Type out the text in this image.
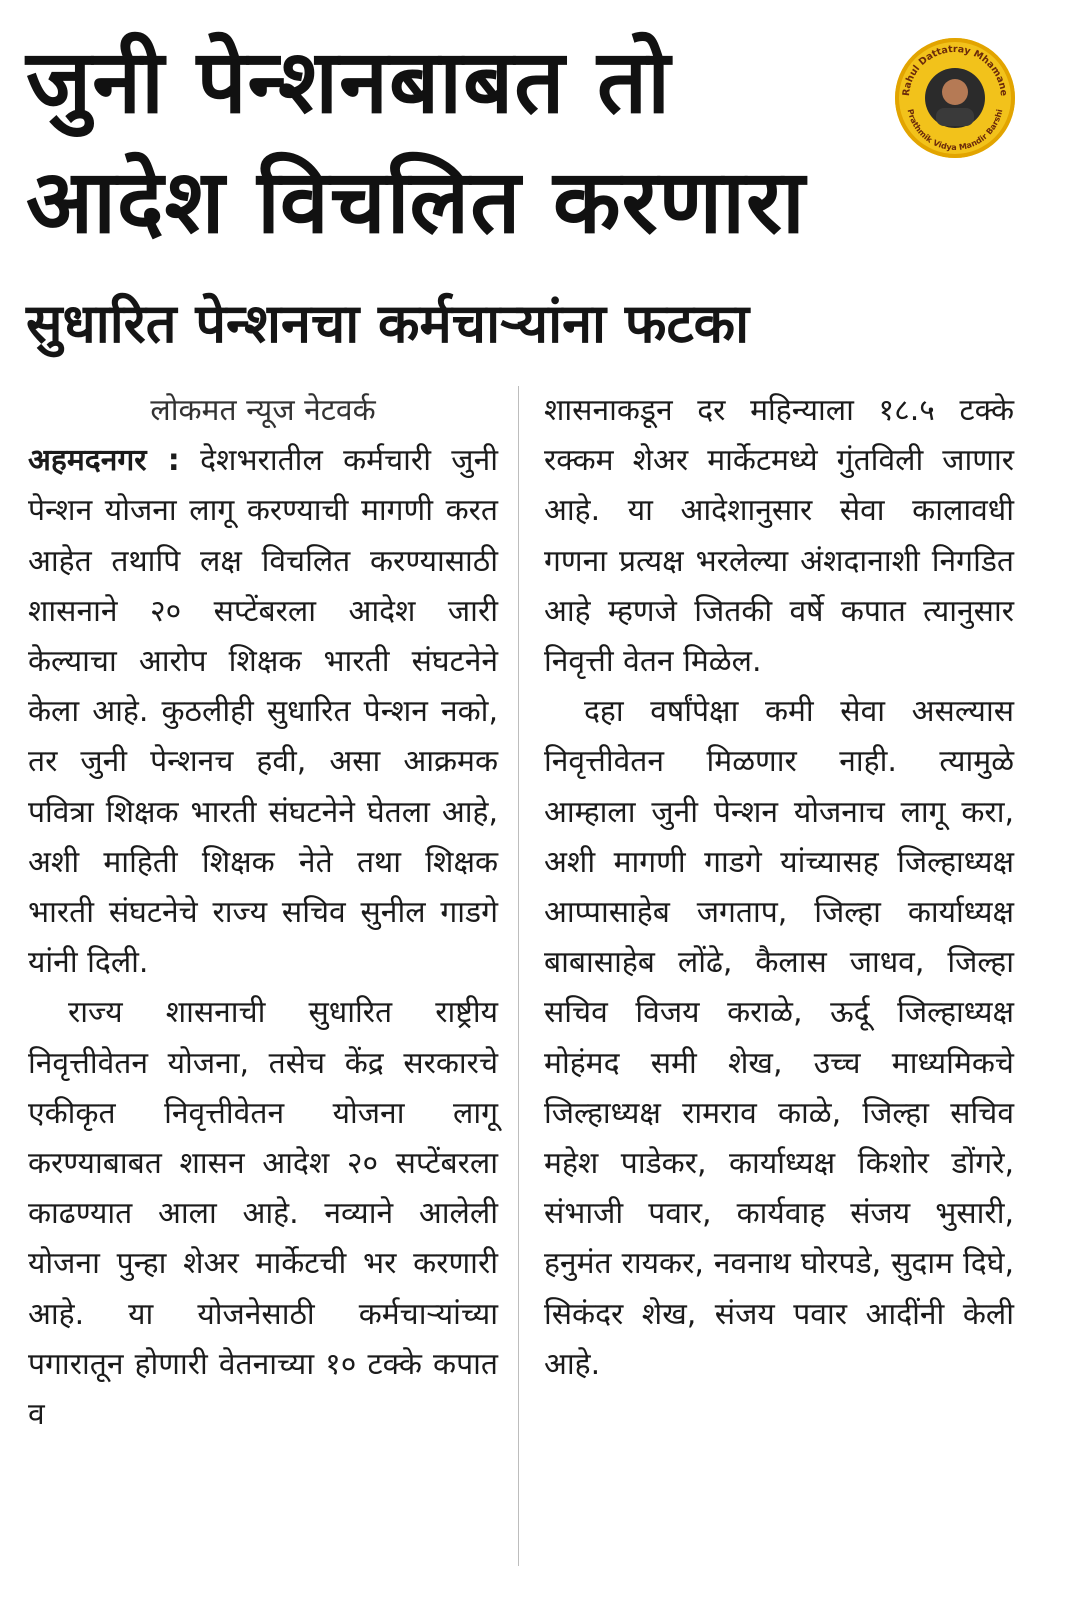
जुनी पेन्शनबाबत तो
आदेश विचलित करणारा
सुधारित पेन्शनचा कर्मचाऱ्यांना फटका
Rahul Dattatray Mhamane
Prathmik Vidya Mandir Barshi

लोकमत न्यूज नेटवर्क

अहमदनगर : देशभरातील कर्मचारी जुनी पेन्शन योजना लागू करण्याची मागणी करत आहेत तथापि लक्ष विचलित करण्यासाठी शासनाने २० सप्टेंबरला आदेश जारी केल्याचा आरोप शिक्षक भारती संघटनेने केला आहे. कुठलीही सुधारित पेन्शन नको, तर जुनी पेन्शनच हवी, असा आक्रमक पवित्रा शिक्षक भारती संघटनेने घेतला आहे, अशी माहिती शिक्षक नेते तथा शिक्षक भारती संघटनेचे राज्य सचिव सुनील गाडगे यांनी दिली.

राज्य शासनाची सुधारित राष्ट्रीय निवृत्तीवेतन योजना, तसेच केंद्र सरकारचे एकीकृत निवृत्तीवेतन योजना लागू करण्याबाबत शासन आदेश २० सप्टेंबरला काढण्यात आला आहे. नव्याने आलेली योजना पुन्हा शेअर मार्केटची भर करणारी आहे. या योजनेसाठी कर्मचाऱ्यांच्या पगारातून होणारी वेतनाच्या १० टक्के कपात व

शासनाकडून दर महिन्याला १८.५ टक्के रक्कम शेअर मार्केटमध्ये गुंतविली जाणार आहे. या आदेशानुसार सेवा कालावधी गणना प्रत्यक्ष भरलेल्या अंशदानाशी निगडित आहे म्हणजे जितकी वर्षे कपात त्यानुसार निवृत्ती वेतन मिळेल.

दहा वर्षांपेक्षा कमी सेवा असल्यास निवृत्तीवेतन मिळणार नाही. त्यामुळे आम्हाला जुनी पेन्शन योजनाच लागू करा, अशी मागणी गाडगे यांच्यासह जिल्हाध्यक्ष आप्पासाहेब जगताप, जिल्हा कार्याध्यक्ष बाबासाहेब लोंढे, कैलास जाधव, जिल्हा सचिव विजय कराळे, ऊर्दू जिल्हाध्यक्ष मोहंमद समी शेख, उच्च माध्यमिकचे जिल्हाध्यक्ष रामराव काळे, जिल्हा सचिव महेश पाडेकर, कार्याध्यक्ष किशोर डोंगरे, संभाजी पवार, कार्यवाह संजय भुसारी, हनुमंत रायकर, नवनाथ घोरपडे, सुदाम दिघे, सिकंदर शेख, संजय पवार आदींनी केली आहे.
